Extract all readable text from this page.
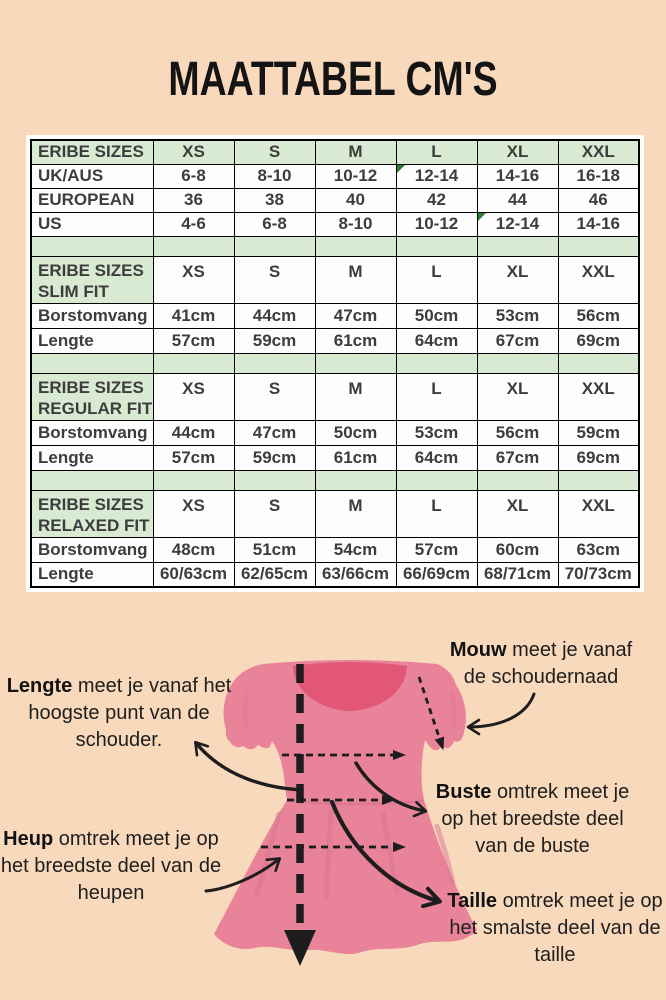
MAATTABEL CM'S
ERIBE SIZES	XS	S	M	L	XL	XXL
UK/AUS	6-8	8-10	10-12	12-14	14-16	16-18
EUROPEAN	36	38	40	42	44	46
US	4-6	6-8	8-10	10-12	12-14	14-16

ERIBE SIZES
SLIM FIT	XS	S	M	L	XL	XXL
Borstomvang	41cm	44cm	47cm	50cm	53cm	56cm
Lengte	57cm	59cm	61cm	64cm	67cm	69cm

ERIBE SIZES
REGULAR FIT	XS	S	M	L	XL	XXL
Borstomvang	44cm	47cm	50cm	53cm	56cm	59cm
Lengte	57cm	59cm	61cm	64cm	67cm	69cm

ERIBE SIZES
RELAXED FIT	XS	S	M	L	XL	XXL
Borstomvang	48cm	51cm	54cm	57cm	60cm	63cm
Lengte	60/63cm	62/65cm	63/66cm	66/69cm	68/71cm	70/73cm
Lengte meet je vanaf het hoogste punt van de schouder.
Mouw meet je vanaf de schoudernaad
Buste omtrek meet je op het breedste deel van de buste
Heup omtrek meet je op het breedste deel van de heupen	Taille omtrek meet je op het smalste deel van de taille
